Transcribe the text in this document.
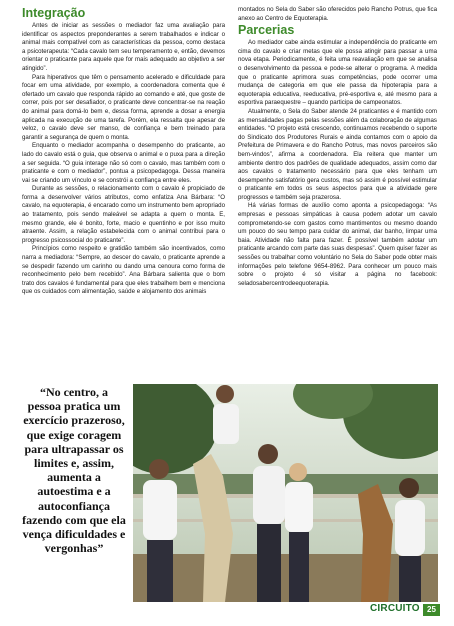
Integração

Antes de iniciar as sessões o mediador faz uma avaliação para identificar os aspectos preponderantes a serem trabalhados e indicar o animal mais compatível com as características da pessoa, como destaca a psicoterapeuta: “Cada cavalo tem seu temperamento e, então, devemos orientar o praticante para aquele que for mais adequado ao objetivo a ser atingido”.

Para hiperativos que têm o pensamento acelerado e dificuldade para focar em uma atividade, por exemplo, a coordenadora comenta que é ofertado um cavalo que responda rápido ao comando e até, que goste de correr, pois por ser desafiador, o praticante deve concentrar-se na reação do animal para domá-lo bem e, dessa forma, aprende a dosar a energia aplicada na execução de uma tarefa. Porém, ela ressalta que apesar de veloz, o cavalo deve ser manso, de confiança e bem treinado para garantir a segurança de quem o monta.

Enquanto o mediador acompanha o desempenho do praticante, ao lado do cavalo está o guia, que observa o animal e o puxa para a direção a ser seguida. “O guia interage não só com o cavalo, mas também com o praticante e com o mediador”, pontua a psicopedagoga. Dessa maneira vai se criando um vínculo e se constrói a confiança entre eles.

Durante as sessões, o relacionamento com o cavalo é propiciado de forma a desenvolver vários atributos, como enfatiza Ana Bárbara: “O cavalo, na equoterapia, é encarado como um instrumento bem apropriado ao tratamento, pois sendo maleável se adapta a quem o monta. E, mesmo grande, ele é bonito, forte, macio e quentinho e por isso muito atraente. Assim, a relação estabelecida com o animal contribui para o progresso psicossocial do praticante”.

Princípios como respeito e gratidão também são incentivados, como narra a mediadora: “Sempre, ao descer do cavalo, o praticante aprende a se despedir fazendo um carinho ou dando uma cenoura como forma de reconhecimento pelo bem recebido”. Ana Bárbara salienta que o bom trato dos cavalos é fundamental para que eles trabalhem bem e menciona que os cuidados com alimentação, saúde e alojamento dos animais

montados no Sela do Saber são oferecidos pelo Rancho Potrus, que fica anexo ao Centro de Equoterapia.

Parcerias

Ao mediador cabe ainda estimular a independência do praticante em cima do cavalo e criar metas que ele possa atingir para passar a uma nova etapa. Periodicamente, é feita uma reavaliação em que se analisa o desenvolvimento da pessoa e pode-se alterar o programa. A medida que o praticante aprimora suas competências, pode ocorrer uma mudança de categoria em que ele passa da hipoterapia para a equoterapia educativa, reeducativa, pré-esportiva e, até mesmo para a esportiva paraequestre – quando participa de campeonatos.

Atualmente, o Sela do Saber atende 24 praticantes e é mantido com as mensalidades pagas pelas sessões além da colaboração de algumas entidades. “O projeto está crescendo, continuamos recebendo o suporte do Sindicato dos Produtores Rurais e ainda contamos com o apoio da Prefeitura de Primavera e do Rancho Potrus, mas novos parceiros são bem-vindos”, afirma a coordenadora. Ela reitera que manter um ambiente dentro dos padrões de qualidade adequados, assim como dar aos cavalos o tratamento necessário para que eles tenham um desempenho satisfatório gera custos, mas só assim é possível estimular o praticante em todos os seus aspectos para que a atividade gere progressos e também seja prazerosa.

Há várias formas de auxílio como aponta a psicopedagoga: “As empresas e pessoas simpáticas à causa podem adotar um cavalo comprometendo-se com gastos como mantimentos ou mesmo doando um pouco do seu tempo para cuidar do animal, dar banho, limpar uma baia. Atividade não falta para fazer. É possível também adotar um praticante arcando com parte das suas despesas”. Quem quiser fazer as sessões ou trabalhar como voluntário no Sela do Saber pode obter mais informações pelo telefone 9654-8962. Para conhecer um pouco mais sobre o projeto é só visitar a página no facebook: seladosabercentrodeequoterapia.

“No centro, a pessoa pratica um exercício prazeroso, que exige coragem para ultrapassar os limites e, assim, aumenta a autoestima e a autoconfiança fazendo com que ela vença dificuldades e vergonhas”
CIRCUITO 25
